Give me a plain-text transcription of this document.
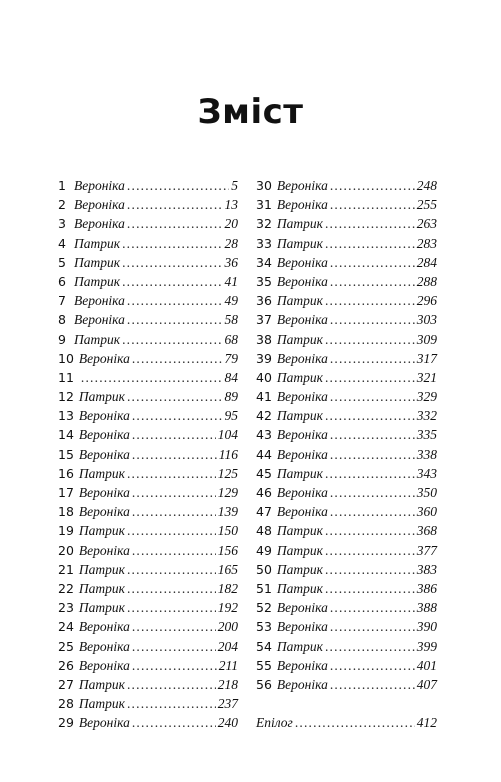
Зміст
1 Вероніка .....	5
2 Вероніка .....	13
3 Вероніка .....	20
4 Патрик .....	28
5 Патрик .....	36
6 Патрик .....	41
7 Вероніка .....	49
8 Вероніка .....	58
9 Патрик .....	68
10 Вероніка .....	79
11 .....	84
12 Патрик .....	89
13 Вероніка .....	95
14 Вероніка .....	104
15 Вероніка .....	116
16 Патрик .....	125
17 Вероніка .....	129
18 Вероніка .....	139
19 Патрик .....	150
20 Вероніка .....	156
21 Патрик .....	165
22 Патрик .....	182
23 Патрик .....	192
24 Вероніка .....	200
25 Вероніка .....	204
26 Вероніка .....	211
27 Патрик .....	218
28 Патрик .....	237
29 Вероніка .....	240
30 Вероніка .....	248
31 Вероніка .....	255
32 Патрик .....	263
33 Патрик .....	283
34 Вероніка .....	284
35 Вероніка .....	288
36 Патрик .....	296
37 Вероніка .....	303
38 Патрик .....	309
39 Вероніка .....	317
40 Патрик .....	321
41 Вероніка .....	329
42 Патрик .....	332
43 Вероніка .....	335
44 Вероніка .....	338
45 Патрик .....	343
46 Вероніка .....	350
47 Вероніка .....	360
48 Патрик .....	368
49 Патрик .....	377
50 Патрик .....	383
51 Патрик .....	386
52 Вероніка .....	388
53 Вероніка .....	390
54 Патрик .....	399
55 Вероніка .....	401
56 Вероніка .....	407
Епілог .....	412
